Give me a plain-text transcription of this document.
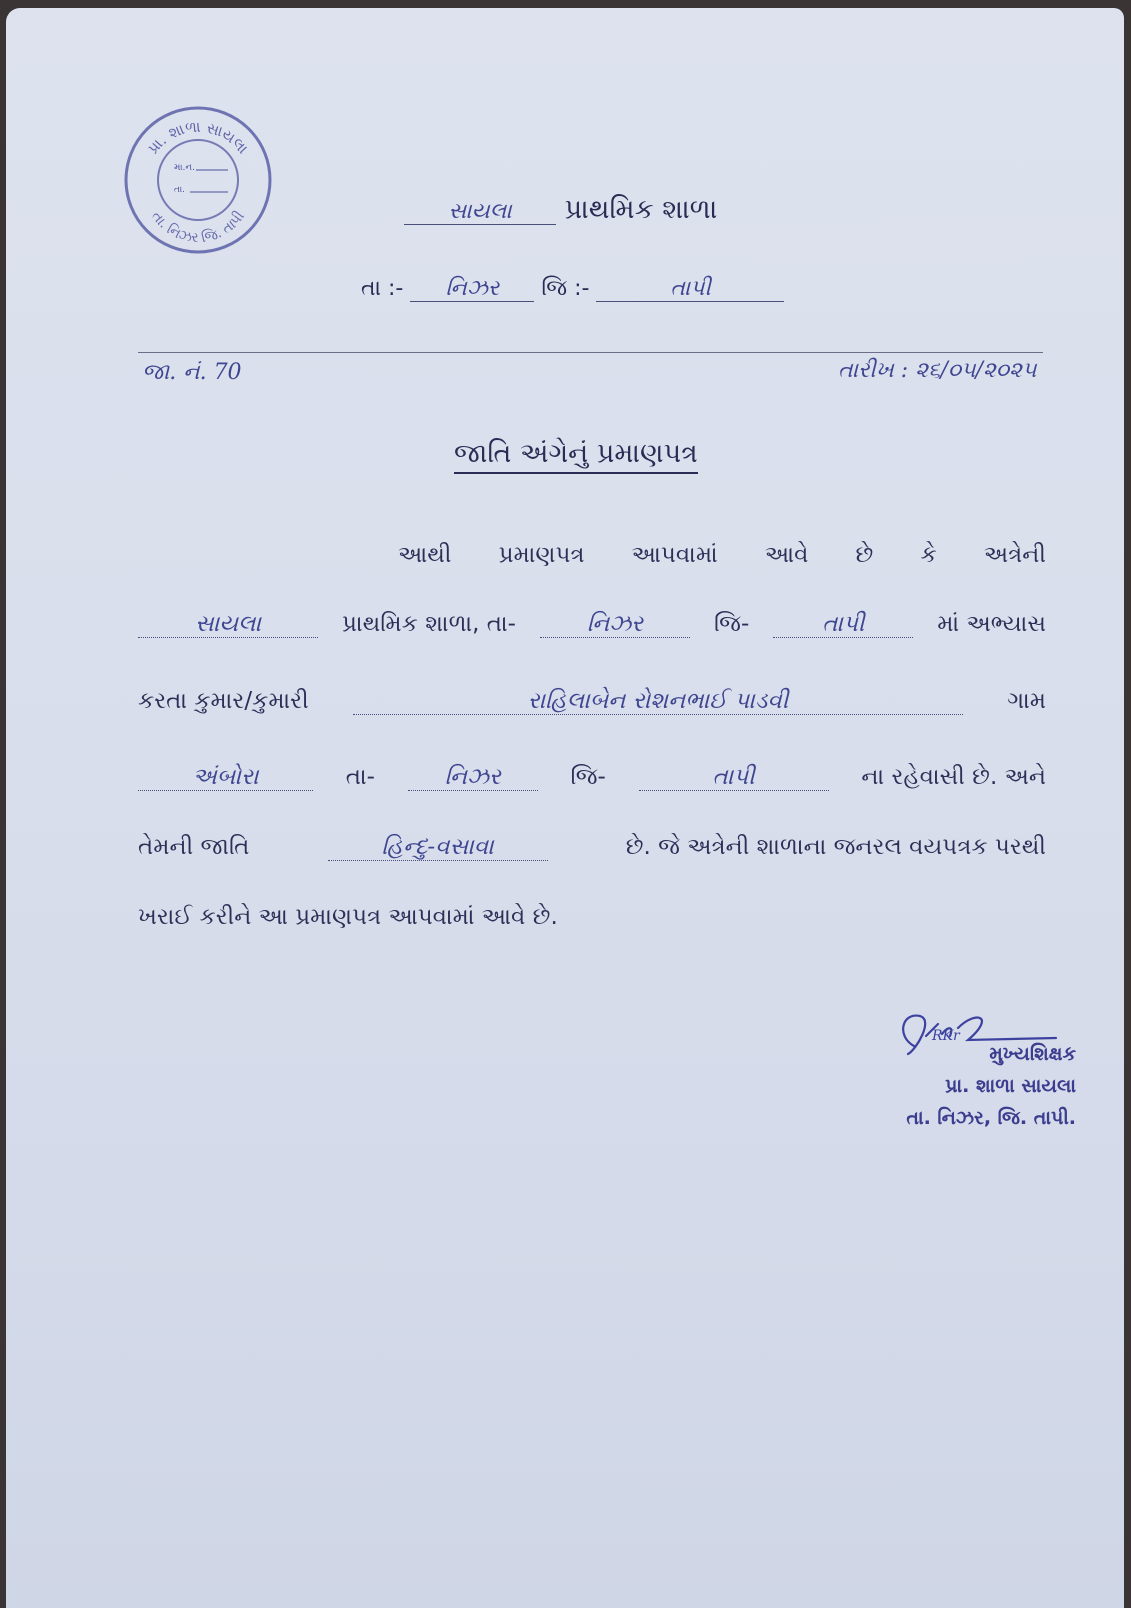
પ્રા. શાળા સાયલા
તા. નિઝર જિ. તાપી
મા.ન.
તા.
સાયલા પ્રાથમિક શાળા
તા :- નિઝર જિ :-	તાપી
જા. નં. 70	તારીખ : ૨૬/૦૫/૨૦૨૫
જાતિ અંગેનું પ્રમાણપત્ર
આથી પ્રમાણપત્ર આપવામાં આવે છે કે અત્રેની
સાયલા	પ્રાથમિક શાળા, તા-	નિઝર	જિ-	તાપી	માં અભ્યાસ
કરતા કુમાર/કુમારી	રાહિલાબેન રોશનભાઈ પાડવી	ગામ
અંબોરા	તા-	નિઝર	જિ-	તાપી	ના રહેવાસી છે. અને
તેમની જાતિ	હિન્દુ-વસાવા	છે. જે અત્રેની શાળાના જનરલ વયપત્રક પરથી
ખરાઈ કરીને આ પ્રમાણપત્ર આપવામાં આવે છે.
RKr
મુખ્યશિક્ષક
પ્રા. શાળા સાયલા
તા. નિઝર, જિ. તાપી.
